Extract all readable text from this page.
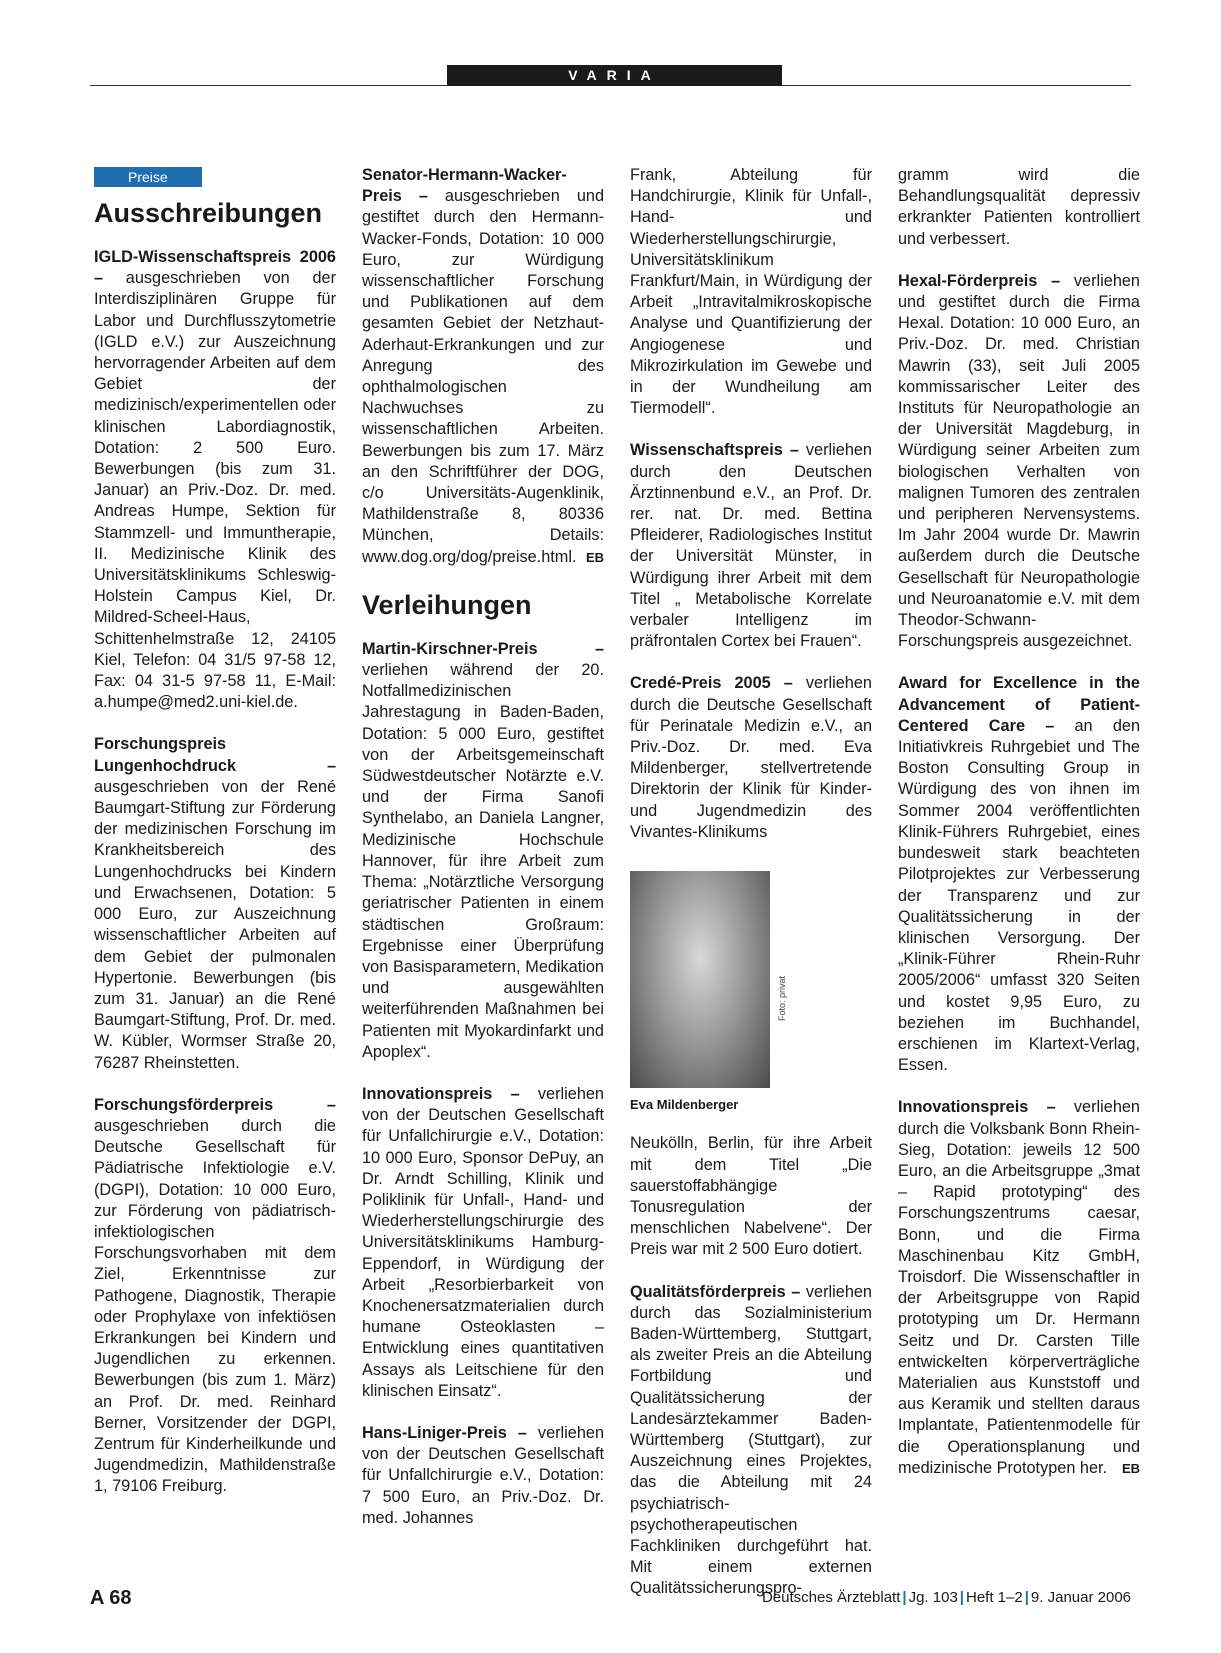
VARIA
Preise
Ausschreibungen

IGLD-Wissenschaftspreis 2006 – ausgeschrieben von der Interdisziplinären Gruppe für Labor und Durchflusszytometrie (IGLD e.V.) zur Auszeichnung hervorragender Arbeiten auf dem Gebiet der medizinisch/experimentellen oder klinischen Labordiagnostik, Dotation: 2 500 Euro. Bewerbungen (bis zum 31. Januar) an Priv.-Doz. Dr. med. Andreas Humpe, Sektion für Stammzell- und Immuntherapie, II. Medizinische Klinik des Universitätsklinikums Schleswig-Holstein Campus Kiel, Dr. Mildred-Scheel-Haus, Schittenhelmstraße 12, 24105 Kiel, Telefon: 04 31/5 97-58 12, Fax: 04 31-5 97-58 11, E-Mail: a.humpe@med2.uni-kiel.de.

Forschungspreis Lungenhochdruck – ausgeschrieben von der René Baumgart-Stiftung zur Förderung der medizinischen Forschung im Krankheitsbereich des Lungenhochdrucks bei Kindern und Erwachsenen, Dotation: 5 000 Euro, zur Auszeichnung wissenschaftlicher Arbeiten auf dem Gebiet der pulmonalen Hypertonie. Bewerbungen (bis zum 31. Januar) an die René Baumgart-Stiftung, Prof. Dr. med. W. Kübler, Wormser Straße 20, 76287 Rheinstetten.

Forschungsförderpreis – ausgeschrieben durch die Deutsche Gesellschaft für Pädiatrische Infektiologie e.V. (DGPI), Dotation: 10 000 Euro, zur Förderung von pädiatrisch-infektiologischen Forschungsvorhaben mit dem Ziel, Erkenntnisse zur Pathogene, Diagnostik, Therapie oder Prophylaxe von infektiösen Erkrankungen bei Kindern und Jugendlichen zu erkennen. Bewerbungen (bis zum 1. März) an Prof. Dr. med. Reinhard Berner, Vorsitzender der DGPI, Zentrum für Kinderheilkunde und Jugendmedizin, Mathildenstraße 1, 79106 Freiburg.

Senator-Hermann-Wacker-Preis – ausgeschrieben und gestiftet durch den Hermann-Wacker-Fonds, Dotation: 10 000 Euro, zur Würdigung wissenschaftlicher Forschung und Publikationen auf dem gesamten Gebiet der Netzhaut-Aderhaut-Erkrankungen und zur Anregung des ophthalmologischen Nachwuchses zu wissenschaftlichen Arbeiten. Bewerbungen bis zum 17. März an den Schriftführer der DOG, c/o Universitäts-Augenklinik, Mathildenstraße 8, 80336 München, Details: www.dog.org/dog/preise.html. EB

Verleihungen

Martin-Kirschner-Preis – verliehen während der 20. Notfallmedizinischen Jahrestagung in Baden-Baden, Dotation: 5 000 Euro, gestiftet von der Arbeitsgemeinschaft Südwestdeutscher Notärzte e.V. und der Firma Sanofi Synthelabo, an Daniela Langner, Medizinische Hochschule Hannover, für ihre Arbeit zum Thema: „Notärztliche Versorgung geriatrischer Patienten in einem städtischen Großraum: Ergebnisse einer Überprüfung von Basisparametern, Medikation und ausgewählten weiterführenden Maßnahmen bei Patienten mit Myokardinfarkt und Apoplex“.

Innovationspreis – verliehen von der Deutschen Gesellschaft für Unfallchirurgie e.V., Dotation: 10 000 Euro, Sponsor DePuy, an Dr. Arndt Schilling, Klinik und Poliklinik für Unfall-, Hand- und Wiederherstellungschirurgie des Universitätsklinikums Hamburg-Eppendorf, in Würdigung der Arbeit „Resorbierbarkeit von Knochenersatzmaterialien durch humane Osteoklasten – Entwicklung eines quantitativen Assays als Leitschiene für den klinischen Einsatz“.

Hans-Liniger-Preis – verliehen von der Deutschen Gesellschaft für Unfallchirurgie e.V., Dotation: 7 500 Euro, an Priv.-Doz. Dr. med. Johannes

Frank, Abteilung für Handchirurgie, Klinik für Unfall-, Hand- und Wiederherstellungschirurgie, Universitätsklinikum Frankfurt/Main, in Würdigung der Arbeit „Intravitalmikroskopische Analyse und Quantifizierung der Angiogenese und Mikrozirkulation im Gewebe und in der Wundheilung am Tiermodell“.

Wissenschaftspreis – verliehen durch den Deutschen Ärztinnenbund e.V., an Prof. Dr. rer. nat. Dr. med. Bettina Pfleiderer, Radiologisches Institut der Universität Münster, in Würdigung ihrer Arbeit mit dem Titel „ Metabolische Korrelate verbaler Intelligenz im präfrontalen Cortex bei Frauen“.

Credé-Preis 2005 – verliehen durch die Deutsche Gesellschaft für Perinatale Medizin e.V., an Priv.-Doz. Dr. med. Eva Mildenberger, stellvertretende Direktorin der Klinik für Kinder- und Jugendmedizin des Vivantes-Klinikums

Foto: privat
Eva Mildenberger

Neukölln, Berlin, für ihre Arbeit mit dem Titel „Die sauerstoffabhängige Tonusregulation der menschlichen Nabelvene“. Der Preis war mit 2 500 Euro dotiert.

Qualitätsförderpreis – verliehen durch das Sozialministerium Baden-Württemberg, Stuttgart, als zweiter Preis an die Abteilung Fortbildung und Qualitätssicherung der Landesärztekammer Baden-Württemberg (Stuttgart), zur Auszeichnung eines Projektes, das die Abteilung mit 24 psychiatrisch-psychotherapeutischen Fachkliniken durchgeführt hat. Mit einem externen Qualitätssicherungspro-

gramm wird die Behandlungsqualität depressiv erkrankter Patienten kontrolliert und verbessert.

Hexal-Förderpreis – verliehen und gestiftet durch die Firma Hexal. Dotation: 10 000 Euro, an Priv.-Doz. Dr. med. Christian Mawrin (33), seit Juli 2005 kommissarischer Leiter des Instituts für Neuropathologie an der Universität Magdeburg, in Würdigung seiner Arbeiten zum biologischen Verhalten von malignen Tumoren des zentralen und peripheren Nervensystems. Im Jahr 2004 wurde Dr. Mawrin außerdem durch die Deutsche Gesellschaft für Neuropathologie und Neuroanatomie e.V. mit dem Theodor-Schwann-Forschungspreis ausgezeichnet.

Award for Excellence in the Advancement of Patient-Centered Care – an den Initiativkreis Ruhrgebiet und The Boston Consulting Group in Würdigung des von ihnen im Sommer 2004 veröffentlichten Klinik-Führers Ruhrgebiet, eines bundesweit stark beachteten Pilotprojektes zur Verbesserung der Transparenz und zur Qualitätssicherung in der klinischen Versorgung. Der „Klinik-Führer Rhein-Ruhr 2005/2006“ umfasst 320 Seiten und kostet 9,95 Euro, zu beziehen im Buchhandel, erschienen im Klartext-Verlag, Essen.

Innovationspreis – verliehen durch die Volksbank Bonn Rhein-Sieg, Dotation: jeweils 12 500 Euro, an die Arbeitsgruppe „3mat – Rapid prototyping“ des Forschungszentrums caesar, Bonn, und die Firma Maschinenbau Kitz GmbH, Troisdorf. Die Wissenschaftler in der Arbeitsgruppe von Rapid prototyping um Dr. Hermann Seitz und Dr. Carsten Tille entwickelten körperverträgliche Materialien aus Kunststoff und aus Keramik und stellten daraus Implantate, Patientenmodelle für die Operationsplanung und medizinische Prototypen her. EB

A 68	Deutsches Ärzteblatt | Jg. 103 | Heft 1–2 | 9. Januar 2006
